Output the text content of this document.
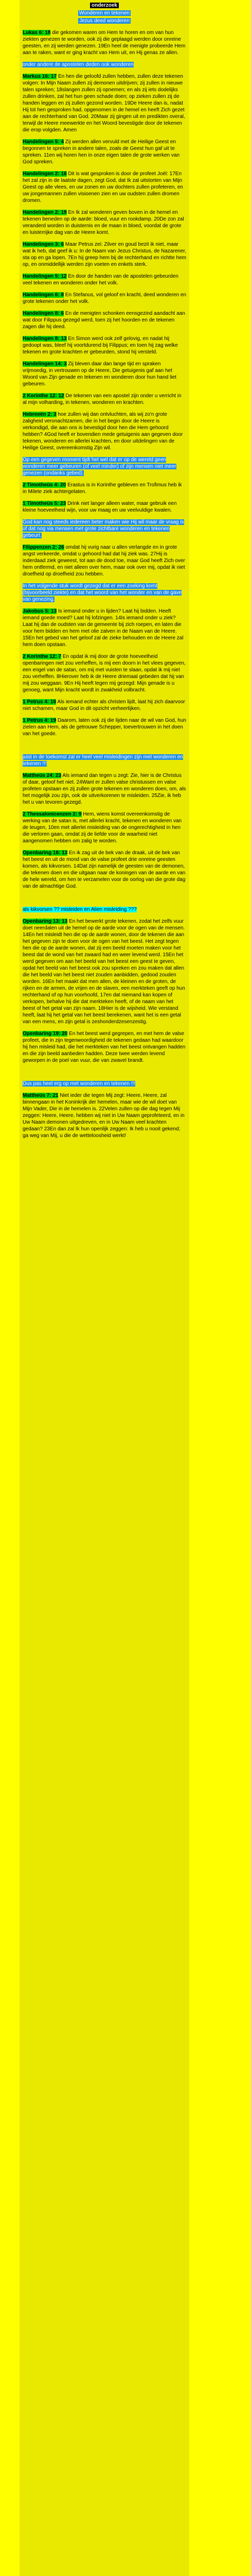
onderzoek
Wonderen en tekenen
Jezus deed wonderen

Lukas 6: 18 die gekomen waren om Hem te horen en om van hun ziekten genezen te worden, ook zij die geplaagd werden door onreine geesten, en zij werden genezen. 19En heel de menigte probeerde Hem aan te raken, want er ging kracht van Hem uit, en Hij genas ze allen.

onder andere de apostelen deden ook wonderen

Markus 16: 17 En hen die geloofd zullen hebben, zullen deze tekenen volgen: In Mijn Naam zullen zij demonen uitdrijven; zij zullen in nieuwe talen spreken; 18slangen zullen zij opnemen; en als zij iets dodelijks zullen drinken, zal het hun geen schade doen; op zieken zullen zij de handen leggen en zij zullen gezond worden. 19De Heere dan is, nadat Hij tot hen gesproken had, opgenomen in de hemel en heeft Zich gezet aan de rechterhand van God. 20Maar zij gingen uit en predikten overal, terwijl de Heere meewerkte en het Woord bevestigde door de tekenen die erop volgden. Amen

Handelingen 5: 4 Zij werden allen vervuld met de Heilige Geest en begonnen te spreken in andere talen, zoals de Geest hun gaf uit te spreken. 11en wij horen hen in onze eigen talen de grote werken van God spreken.

Handelingen 2: 16 Dit is wat gesproken is door de profeet Joël: 17En het zal zijn in de laatste dagen, zegt God, dat Ik zal uitstorten van Mijn Geest op alle vlees, en uw zonen en uw dochters zullen profeteren, en uw jongemannen zullen visioenen zien en uw oudsten zullen dromen dromen.

Handelingen 2: 19 En Ik zal wonderen geven boven in de hemel en tekenen beneden op de aarde: bloed, vuur en rookdamp. 20De zon zal veranderd worden in duisternis en de maan in bloed, voordat de grote en luisterrijke dag van de Heere komt.

Handelingen 3: 6 Maar Petrus zei: Zilver en goud bezit ik niet, maar wat ik heb, dat geef ik u: In de Naam van Jezus Christus, de Nazarener, sta op en ga lopen. 7En hij greep hem bij de rechterhand en richtte hem op, en onmiddellijk werden zijn voeten en enkels sterk.

Handelingen 5: 12 En door de handen van de apostelen gebeurden veel tekenen en wonderen onder het volk.

Handelingen 6: 8 En Stefanus, vol geloof en kracht, deed wonderen en grote tekenen onder het volk.

Handelingen 8: 6 En de menigten schonken eensgezind aandacht aan wat door Filippus gezegd werd, toen zij het hoorden en de tekenen zagen die hij deed.

Handelingen 8: 13 En Simon werd ook zelf gelovig, en nadat hij gedoopt was, bleef hij voortdurend bij Filippus; en toen hij zag welke tekenen en grote krachten er gebeurden, stond hij versteld.

Handelingen 14: 3 Zij bleven daar dan lange tijd en spraken vrijmoedig, in vertrouwen op de Heere, Die getuigenis gaf aan het Woord van Zijn genade en tekenen en wonderen door hun hand liet gebeuren.

2 Korinthe 12: 12 De tekenen van een apostel zijn onder u verricht in al mijn volharding, in tekenen, wonderen en krachten.

Hebreeën 2: 3 hoe zullen wij dan ontvluchten, als wij zo'n grote zaligheid veronachtzamen, die in het begin door de Heere is verkondigd, die aan ons is bevestigd door hen die Hem gehoord hebben? 4God heeft er bovendien mede getuigenis aan gegeven door tekenen, wonderen en allerlei krachten, en door uitdelingen van de Heilige Geest, overeenkomstig Zijn wil.

Op een gegeven moment tijdt het wel dat er op de wereld geen wonderen meer gebeuren (of veel minder) of zijn mensen niet meer genezen (ondanks gebed).

2 Timotheüs 4: 20 Erastus is in Korinthe gebleven en Trofimus heb ik in Milete ziek achtergelaten.

1 Timotheüs 5: 23 Drink niet langer alleen water, maar gebruik een kleine hoeveelheid wijn, voor uw maag en uw veelvuldige kwalen.

God kan nog steeds iedereen beter maken wie Hij wil maar de vraag is of dat nog via mensen met grote zichtbare wonderen en tekenen gebeurt.

Filippenzen 2: 26 omdat hij vurig naar u allen verlangde en in grote angst verkeerde, omdat u gehoord had dat hij ziek was. 27Hij is inderdaad ziek geweest, tot aan de dood toe, maar God heeft Zich over hem ontfermd, en niet alleen over hem, maar ook over mij, opdat ik niet droefheid op droefheid zou hebben.

In het volgende stuk wordt gezegd dat er een zoeking komt (bijvoorbeeld ziekte) en dat het woord van het wonder en van de gave van genezing.

Jakobus 5: 13 Is iemand onder u in lijden? Laat hij bidden. Heeft iemand goede moed? Laat hij lofzingen. 14Is iemand onder u ziek? Laat hij dan de oudsten van de gemeente bij zich roepen, en laten die voor hem bidden en hem met olie zalven in de Naam van de Heere. 15En het gebed van het geloof zal de zieke behouden en de Heere zal hem doen opstaan.

2 Korinthe 12: 7 En opdat ik mij door de grote hoeveelheid openbaringen niet zou verheffen, is mij een doorn in het vlees gegeven, een engel van de satan, om mij met vuisten te slaan, opdat ik mij niet zou verheffen. 8Hierover heb ik de Heere driemaal gebeden dat hij van mij zou weggaan. 9En Hij heeft tegen mij gezegd: Mijn genade is u genoeg, want Mijn kracht wordt in zwakheid volbracht.

1 Petrus 4: 16 Als iemand echter als christen lijdt, laat hij zich daarvoor niet schamen, maar God in dit opzicht verheerlijken.

1 Petrus 4: 19 Daarom, laten ook zij die lijden naar de wil van God, hun zielen aan Hem, als de getrouwe Schepper, toevertrouwen in het doen van het goede.

juist in de toekomst zal er heel veel misleidingen zijn met wonderen en tekenen !!!

Mattheüs 24: 23 Als iemand dan tegen u zegt: Zie, hier is de Christus of daar, geloof het niet. 24Want er zullen valse christussen en valse profeten opstaan en zij zullen grote tekenen en wonderen doen, om, als het mogelijk zou zijn, ook de uitverkorenen te misleiden. 25Zie, ik heb het u van tevoren gezegd.

2 Thessalonicenzen 2: 9 Hem, wiens komst overeenkomstig de werking van de satan is, met allerlei kracht, tekenen en wonderen van de leugen, 10en met allerlei misleiding van de ongerechtigheid in hen die verloren gaan, omdat zij de liefde voor de waarheid niet aangenomen hebben om zalig te worden.

Openbaring 16: 13 En ik zag uit de bek van de draak, uit de bek van het beest en uit de mond van de valse profeet drie onreine geesten komen, als kikvorsen. 14Dat zijn namelijk de geesten van de demonen, die tekenen doen en die uitgaan naar de koningen van de aarde en van de hele wereld, om hen te verzamelen voor de oorlog van die grote dag van de almachtige God.

als kikvorsen ?? misleiden en Alien misleiding ???

Openbaring 13: 13 En het bewerkt grote tekenen, zodat het zelfs vuur doet neerdalen uit de hemel op de aarde voor de ogen van de mensen. 14En het misleidt hen die op de aarde wonen, door de tekenen die aan het gegeven zijn te doen voor de ogen van het beest. Het zegt tegen hen die op de aarde wonen, dat zij een beeld moeten maken voor het beest dat de wond van het zwaard had en weer levend werd. 15En het werd gegeven om aan het beeld van het beest een geest te geven, opdat het beeld van het beest ook zou spreken en zou maken dat allen die het beeld van het beest niet zouden aanbidden, gedood zouden worden. 16En het maakt dat men allen, de kleinen en de groten, de rijken en de armen, de vrijen en de slaven, een merkteken geeft op hun rechterhand of op hun voorhoofd, 17en dat niemand kan kopen of verkopen, behalve hij die dat merkteken heeft, of de naam van het beest of het getal van zijn naam. 18Hier is de wijsheid. Wie verstand heeft, laat hij het getal van het beest berekenen, want het is een getal van een mens, en zijn getal is zeshonderdzesenzestig.

Openbaring 19: 20 En het beest werd gegrepen, en met hem de valse profeet, die in zijn tegenwoordigheid de tekenen gedaan had waardoor hij hen misleid had, die het merkteken van het beest ontvangen hadden en die zijn beeld aanbeden hadden. Deze twee werden levend geworpen in de poel van vuur, die van zwavel brandt.

Dus pas heel erg op met wonderen en tekenen !!!

Mattheüs 7: 21 Niet ieder die tegen Mij zegt: Heere, Heere, zal binnengaan in het Koninkrijk der hemelen, maar wie de wil doet van Mijn Vader, Die in de hemelen is. 22Velen zullen op die dag tegen Mij zeggen: Heere, Heere, hebben wij niet in Uw Naam geprofeteerd, en in Uw Naam demonen uitgedreven, en in Uw Naam veel krachten gedaan? 23En dan zal Ik hun openlijk zeggen: Ik heb u nooit gekend; ga weg van Mij, u die de wetteloosheid werkt!
